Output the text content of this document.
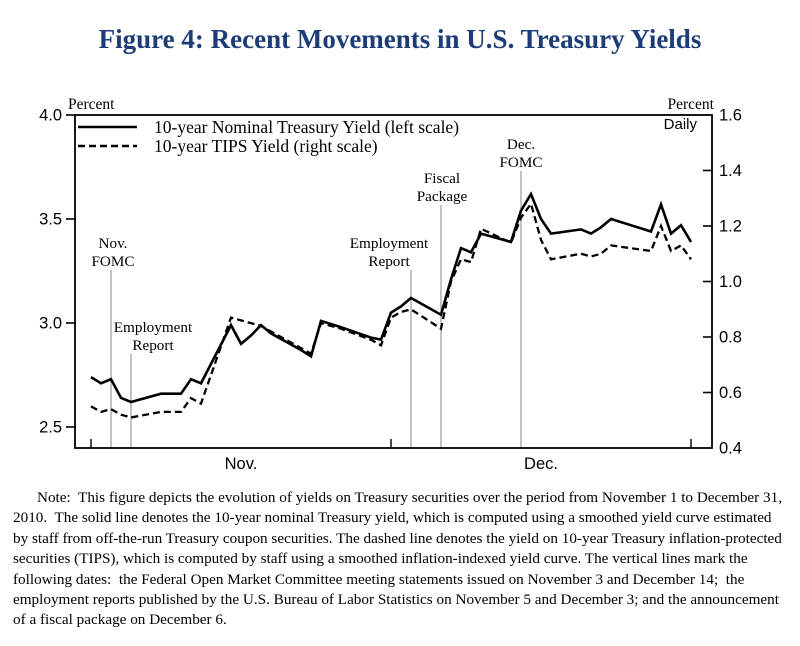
Figure 4: Recent Movements in U.S. Treasury Yields
Nov.
FOMC
Employment
Report
Employment
Report
Fiscal
Package
Dec.
FOMC
4.0
3.5
3.0
2.5
1.6
1.4
1.2
1.0
0.8
0.6
0.4
Nov.	Dec.
Percent	Percent
Daily
10-year Nominal Treasury Yield (left scale)
10-year TIPS Yield (right scale)

Note:  This figure depicts the evolution of yields on Treasury securities over the period from November 1 to December 31, 2010.  The solid line denotes the 10-year nominal Treasury yield, which is computed using a smoothed yield curve estimated by staff from off-the-run Treasury coupon securities. The dashed line denotes the yield on 10-year Treasury inflation-protected securities (TIPS), which is computed by staff using a smoothed inflation-indexed yield curve. The vertical lines mark the following dates:  the Federal Open Market Committee meeting statements issued on November 3 and December 14;  the employment reports published by the U.S. Bureau of Labor Statistics on November 5 and December 3; and the announcement of a fiscal package on December 6.
